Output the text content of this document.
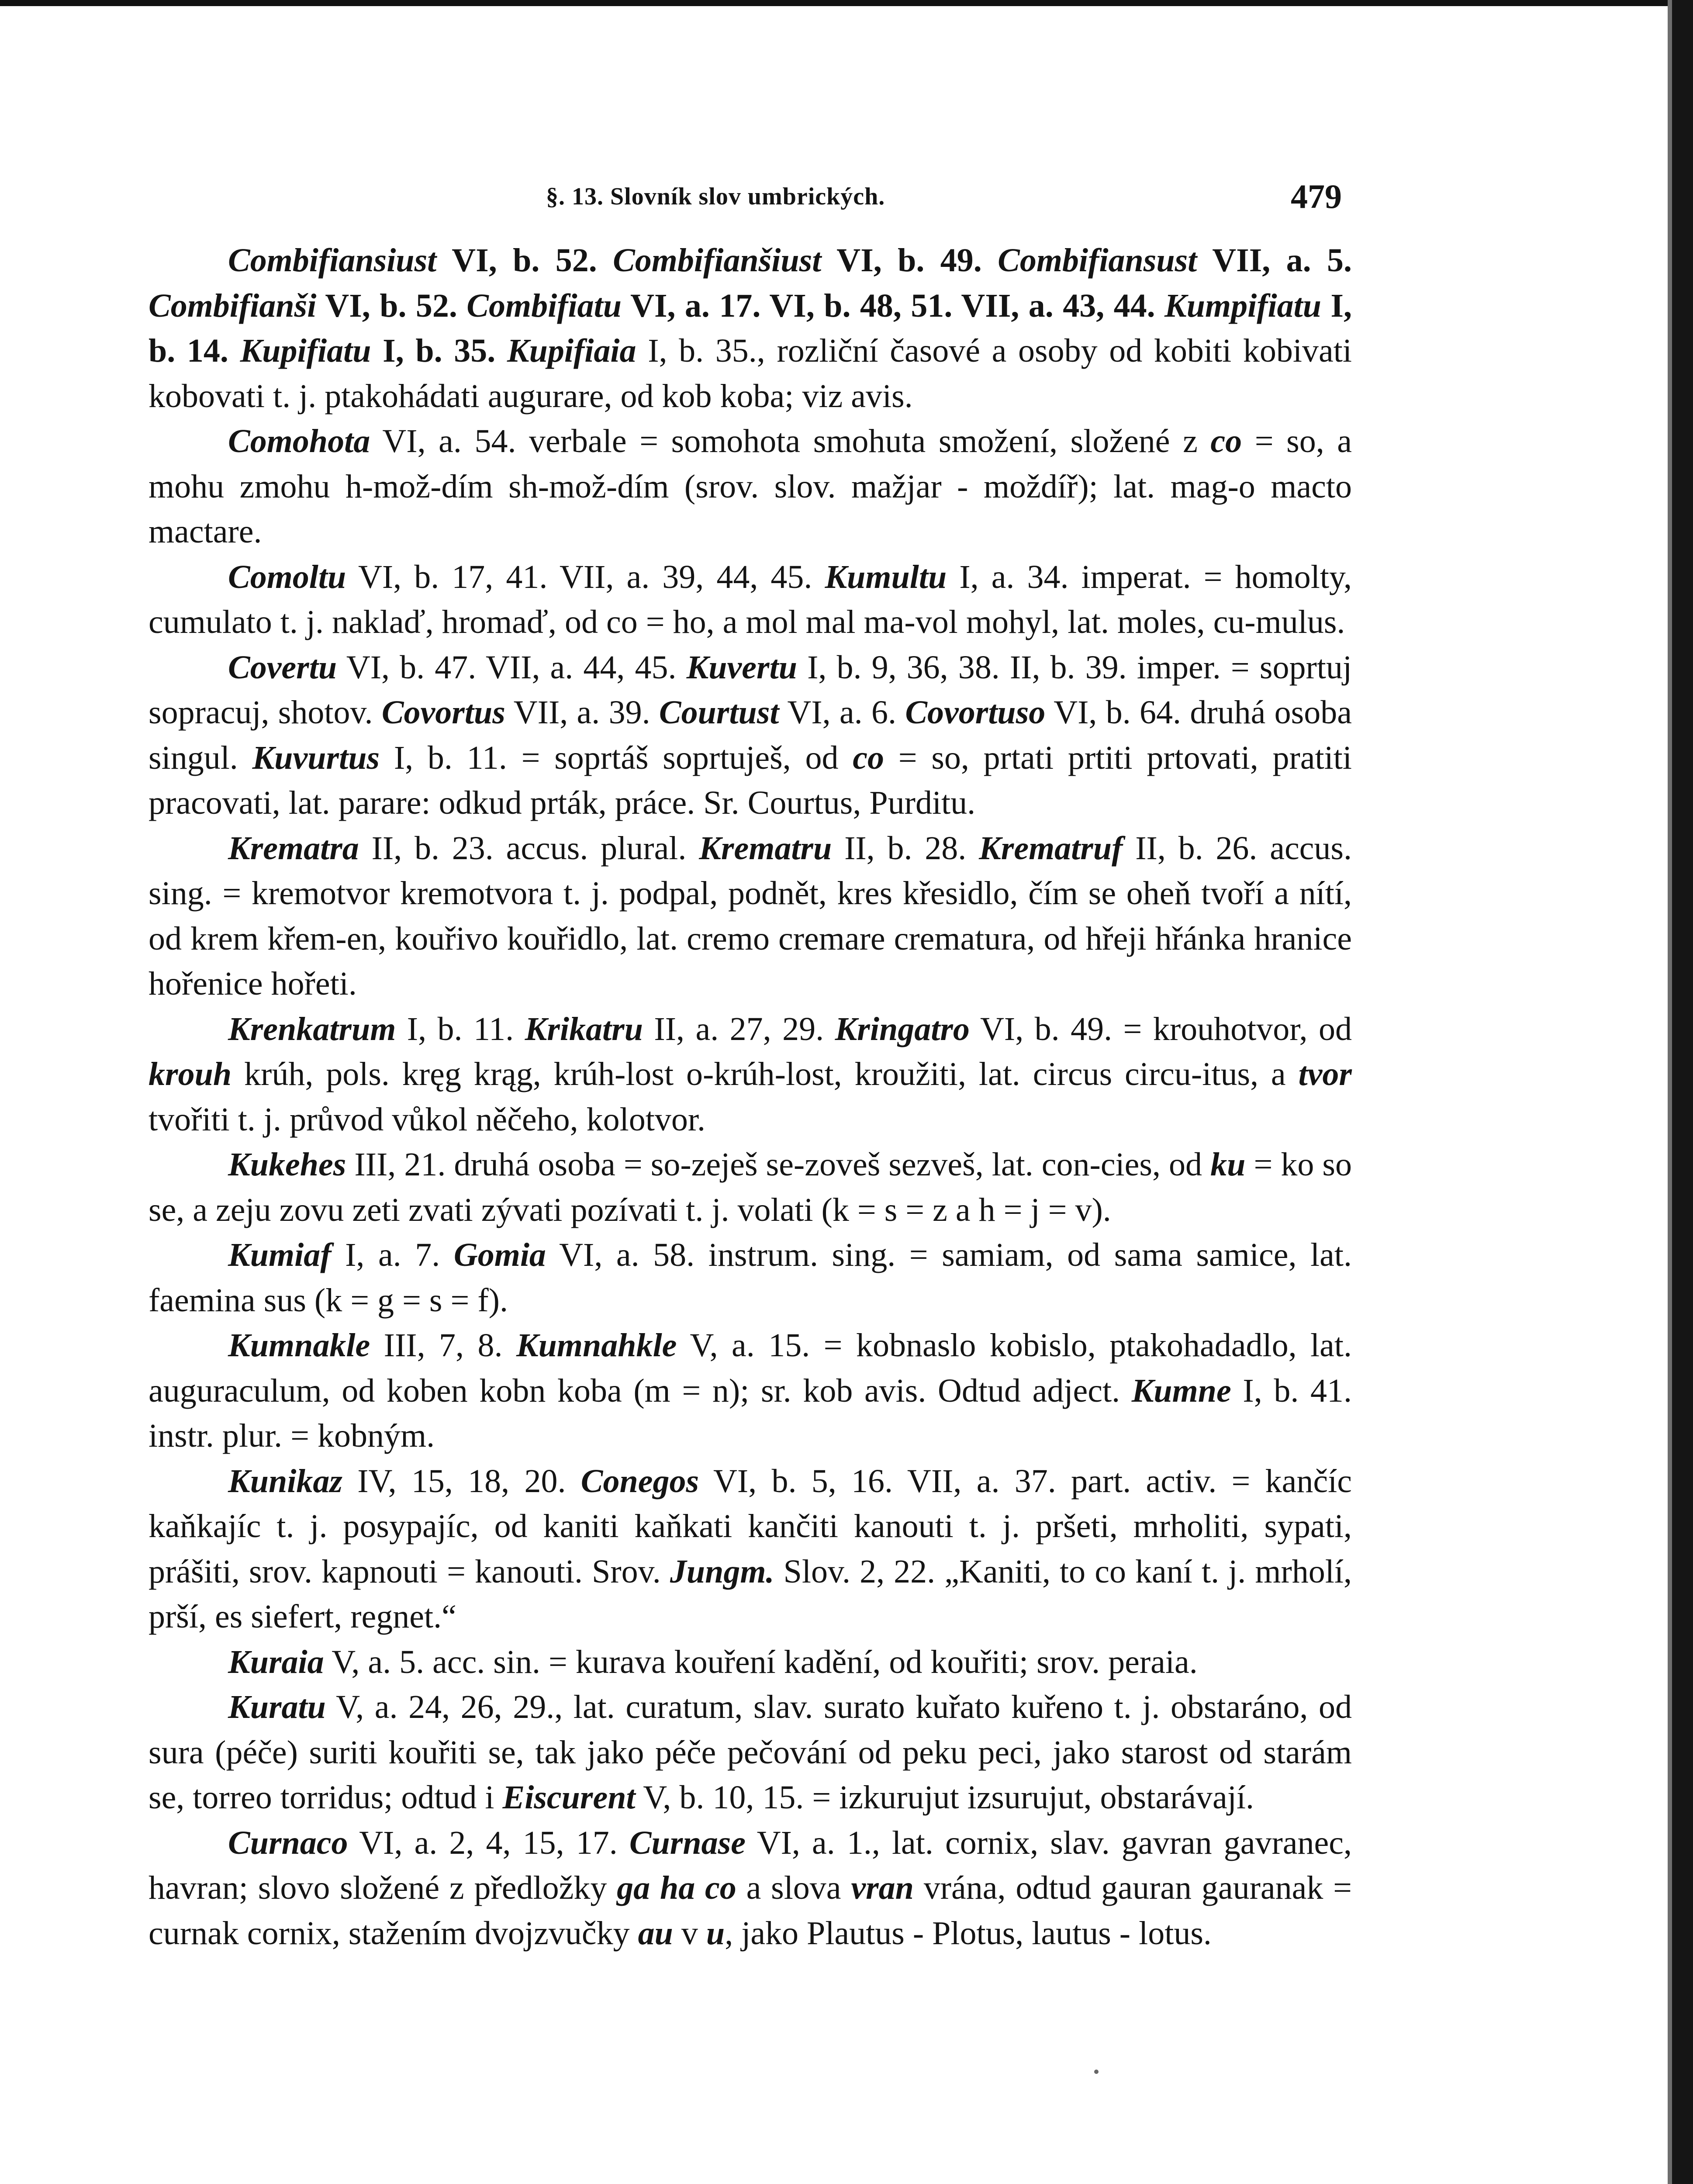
§. 13. Slovník slov umbrických.	479

Combifiansiust VI, b. 52. Combifianšiust VI, b. 49. Combifiansust VII, a. 5. Combifianši VI, b. 52. Combifiatu VI, a. 17. VI, b. 48, 51. VII, a. 43, 44. Kumpifiatu I, b. 14. Kupifiatu I, b. 35. Kupifiaia I, b. 35., rozliční časové a osoby od kobiti kobivati kobovati t. j. ptakohádati augurare, od kob koba; viz avis.

Comohota VI, a. 54. verbale = somohota smohuta smožení, složené z co = so, a mohu zmohu h-mož-dím sh-mož-dím (srov. slov. mažjar - moždíř); lat. mag-o macto mactare.

Comoltu VI, b. 17, 41. VII, a. 39, 44, 45. Kumultu I, a. 34. imperat. = homolty, cumulato t. j. naklaď, hromaď, od co = ho, a mol mal ma-vol mohyl, lat. moles, cu-mulus.

Covertu VI, b. 47. VII, a. 44, 45. Kuvertu I, b. 9, 36, 38. II, b. 39. imper. = soprtuj sopracuj, shotov. Covortus VII, a. 39. Courtust VI, a. 6. Covortuso VI, b. 64. druhá osoba singul. Kuvurtus I, b. 11. = soprtáš soprtuješ, od co = so, prtati prtiti prtovati, pratiti pracovati, lat. parare: odkud prták, práce. Sr. Courtus, Purditu.

Krematra II, b. 23. accus. plural. Krematru II, b. 28. Krematruf II, b. 26. accus. sing. = kremotvor kremotvora t. j. podpal, podnět, kres křesidlo, čím se oheň tvoří a nítí, od krem křem-en, kouřivo kouřidlo, lat. cremo cremare crematura, od hřeji hřánka hranice hořenice hořeti.

Krenkatrum I, b. 11. Krikatru II, a. 27, 29. Kringatro VI, b. 49. = krouhotvor, od krouh krúh, pols. kręg krąg, krúh-lost o-krúh-lost, kroužiti, lat. circus circu-itus, a tvor tvořiti t. j. průvod vůkol něčeho, kolotvor.

Kukehes III, 21. druhá osoba = so-zeješ se-zoveš sezveš, lat. con-cies, od ku = ko so se, a zeju zovu zeti zvati zývati pozívati t. j. volati (k = s = z a h = j = v).

Kumiaf I, a. 7. Gomia VI, a. 58. instrum. sing. = samiam, od sama samice, lat. faemina sus (k = g = s = f).

Kumnakle III, 7, 8. Kumnahkle V, a. 15. = kobnaslo kobislo, ptakohadadlo, lat. auguraculum, od koben kobn koba (m = n); sr. kob avis. Odtud adject. Kumne I, b. 41. instr. plur. = kobným.

Kunikaz IV, 15, 18, 20. Conegos VI, b. 5, 16. VII, a. 37. part. activ. = kančíc kaňkajíc t. j. posypajíc, od kaniti kaňkati kančiti kanouti t. j. pršeti, mrholiti, sypati, prášiti, srov. kapnouti = kanouti. Srov. Jungm. Slov. 2, 22. „Kaniti, to co kaní t. j. mrholí, prší, es siefert, regnet.“

Kuraia V, a. 5. acc. sin. = kurava kouření kadění, od kouřiti; srov. peraia.

Kuratu V, a. 24, 26, 29., lat. curatum, slav. surato kuřato kuřeno t. j. obstaráno, od sura (péče) suriti kouřiti se, tak jako péče pečování od peku peci, jako starost od starám se, torreo torridus; odtud i Eiscurent V, b. 10, 15. = izkurujut izsurujut, obstarávají.

Curnaco VI, a. 2, 4, 15, 17. Curnase VI, a. 1., lat. cornix, slav. gavran gavranec, havran; slovo složené z předložky ga ha co a slova vran vrána, odtud gauran gauranak = curnak cornix, stažením dvojzvučky au v u, jako Plautus - Plotus, lautus - lotus.
